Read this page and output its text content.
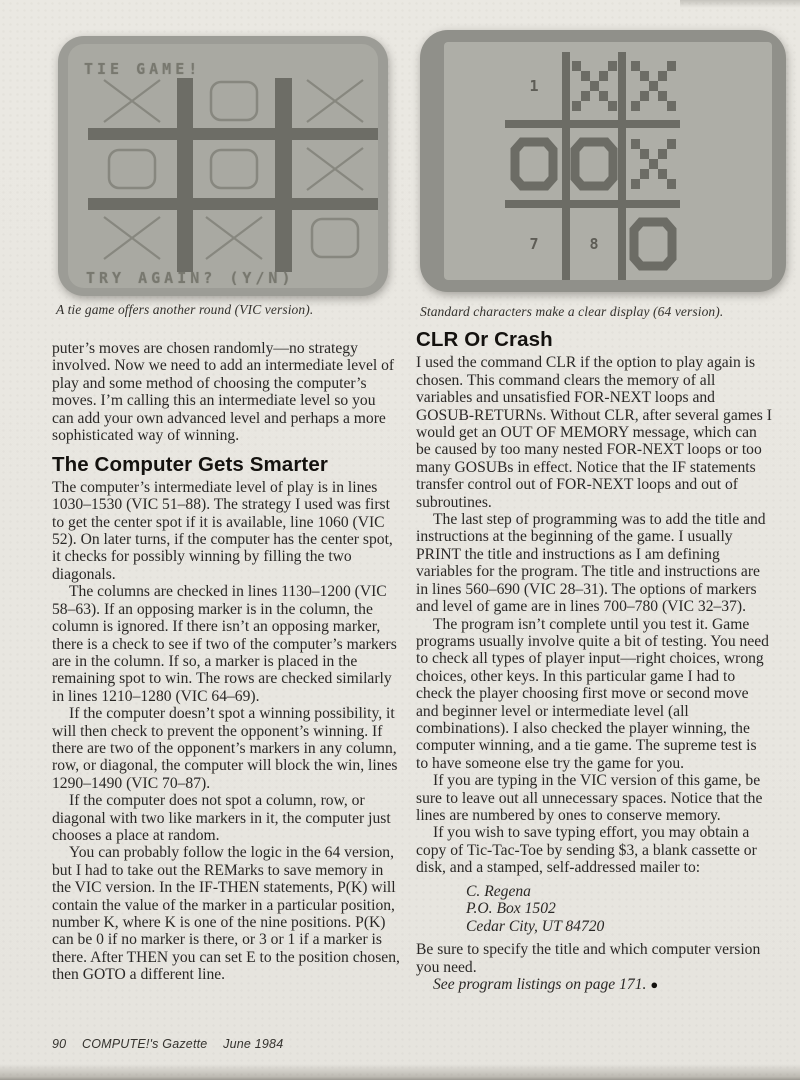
TIE GAME!
TRY AGAIN? (Y/N)
1
7	8
A tie game offers another round (VIC version).	Standard characters make a clear display (64 version).

puter’s moves are chosen randomly—no strategy involved. Now we need to add an intermediate level of play and some method of choosing the computer’s moves. I’m calling this an intermediate level so you can add your own advanced level and perhaps a more sophisticated way of winning.

The Computer Gets Smarter

The computer’s intermediate level of play is in lines 1030–1530 (VIC 51–88). The strategy I used was first to get the center spot if it is available, line 1060 (VIC 52). On later turns, if the computer has the center spot, it checks for possibly winning by filling the two diagonals.

The columns are checked in lines 1130–1200 (VIC 58–63). If an opposing marker is in the column, the column is ignored. If there isn’t an opposing marker, there is a check to see if two of the computer’s markers are in the column. If so, a marker is placed in the remaining spot to win. The rows are checked similarly in lines 1210–1280 (VIC 64–69).

If the computer doesn’t spot a winning possibility, it will then check to prevent the opponent’s winning. If there are two of the opponent’s markers in any column, row, or diagonal, the computer will block the win, lines 1290–1490 (VIC 70–87).

If the computer does not spot a column, row, or diagonal with two like markers in it, the computer just chooses a place at random.

You can probably follow the logic in the 64 version, but I had to take out the REMarks to save memory in the VIC version. In the IF-THEN statements, P(K) will contain the value of the marker in a particular position, number K, where K is one of the nine positions. P(K) can be 0 if no marker is there, or 3 or 1 if a marker is there. After THEN you can set E to the position chosen, then GOTO a different line.

CLR Or Crash

I used the command CLR if the option to play again is chosen. This command clears the memory of all variables and unsatisfied FOR-NEXT loops and GOSUB-RETURNs. Without CLR, after several games I would get an OUT OF MEMORY message, which can be caused by too many nested FOR-NEXT loops or too many GOSUBs in effect. Notice that the IF statements transfer control out of FOR-NEXT loops and out of subroutines.

The last step of programming was to add the title and instructions at the beginning of the game. I usually PRINT the title and instructions as I am defining variables for the program. The title and instructions are in lines 560–690 (VIC 28–31). The options of markers and level of game are in lines 700–780 (VIC 32–37).

The program isn’t complete until you test it. Game programs usually involve quite a bit of testing. You need to check all types of player input—right choices, wrong choices, other keys. In this particular game I had to check the player choosing first move or second move and beginner level or intermediate level (all combinations). I also checked the player winning, the computer winning, and a tie game. The supreme test is to have someone else try the game for you.

If you are typing in the VIC version of this game, be sure to leave out all unnecessary spaces. Notice that the lines are numbered by ones to conserve memory.

If you wish to save typing effort, you may obtain a copy of Tic-Tac-Toe by sending $3, a blank cassette or disk, and a stamped, self-addressed mailer to:

C. Regena
P.O. Box 1502
Cedar City, UT 84720

Be sure to specify the title and which computer version you need.

See program listings on page 171. ●

90 COMPUTE!'s Gazette June 1984
